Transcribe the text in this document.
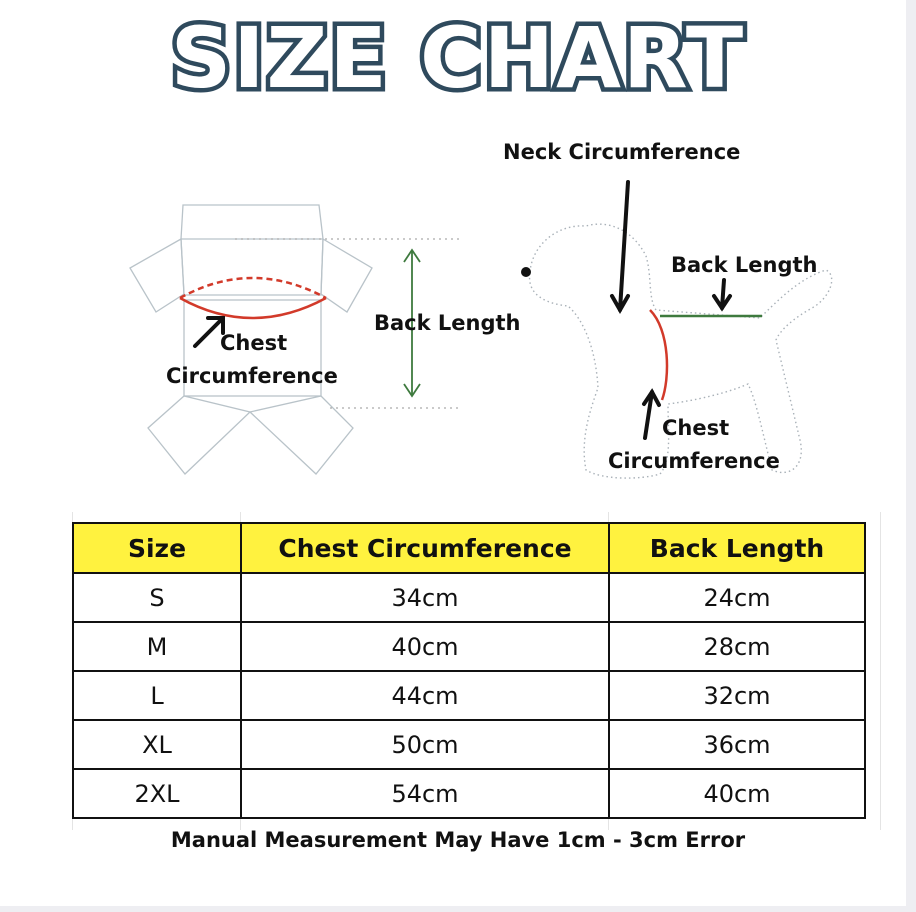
SIZE CHART
Chest
Circumference
Back Length
Neck Circumference
Back Length
Chest
Circumference
Size	Chest Circumference	Back Length
S	34cm	24cm
M	40cm	28cm
L	44cm	32cm
XL	50cm	36cm
2XL	54cm	40cm
Manual Measurement May Have 1cm - 3cm Error
